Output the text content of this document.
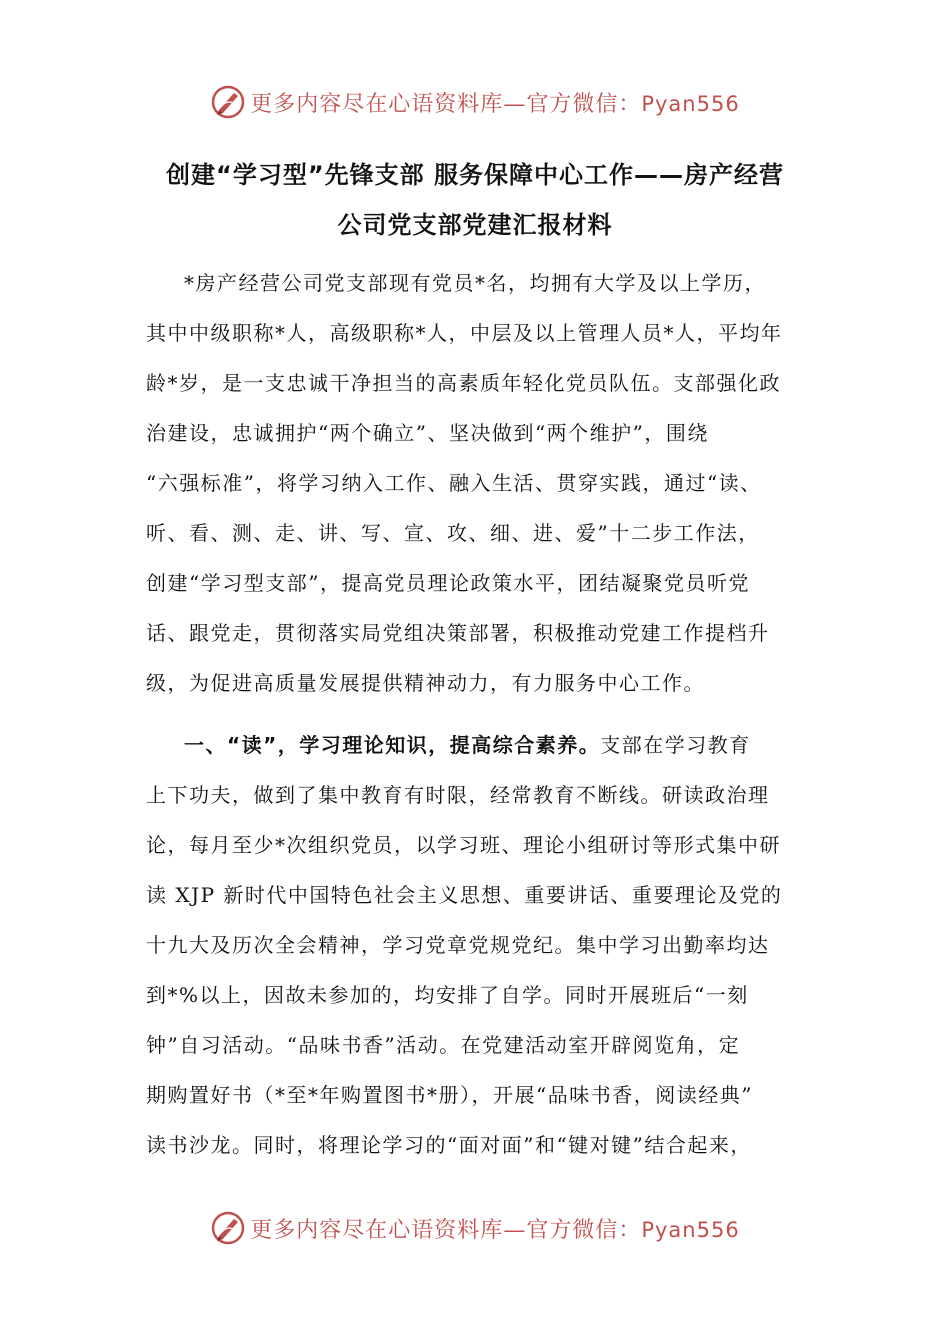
更多内容尽在心语资料库—官方微信：Pyan556
创建“学习型”先锋支部 服务保障中心工作——房产经营
公司党支部党建汇报材料
*房产经营公司党支部现有党员*名，均拥有大学及以上学历，
其中中级职称*人，高级职称*人，中层及以上管理人员*人，平均年
龄*岁，是一支忠诚干净担当的高素质年轻化党员队伍。支部强化政
治建设，忠诚拥护“两个确立”、坚决做到“两个维护”，围绕
“六强标准”，将学习纳入工作、融入生活、贯穿实践，通过“读、
听、看、测、走、讲、写、宣、攻、细、进、爱”十二步工作法，
创建“学习型支部”，提高党员理论政策水平，团结凝聚党员听党
话、跟党走，贯彻落实局党组决策部署，积极推动党建工作提档升
级，为促进高质量发展提供精神动力，有力服务中心工作。
一、“读”，学习理论知识，提高综合素养。支部在学习教育
上下功夫，做到了集中教育有时限，经常教育不断线。研读政治理
论，每月至少*次组织党员，以学习班、理论小组研讨等形式集中研
读 XJP 新时代中国特色社会主义思想、重要讲话、重要理论及党的
十九大及历次全会精神，学习党章党规党纪。集中学习出勤率均达
到*%以上，因故未参加的，均安排了自学。同时开展班后“一刻
钟”自习活动。“品味书香”活动。在党建活动室开辟阅览角，定
期购置好书（*至*年购置图书*册），开展“品味书香，阅读经典”
读书沙龙。同时，将理论学习的“面对面”和“键对键”结合起来，
更多内容尽在心语资料库—官方微信：Pyan556
